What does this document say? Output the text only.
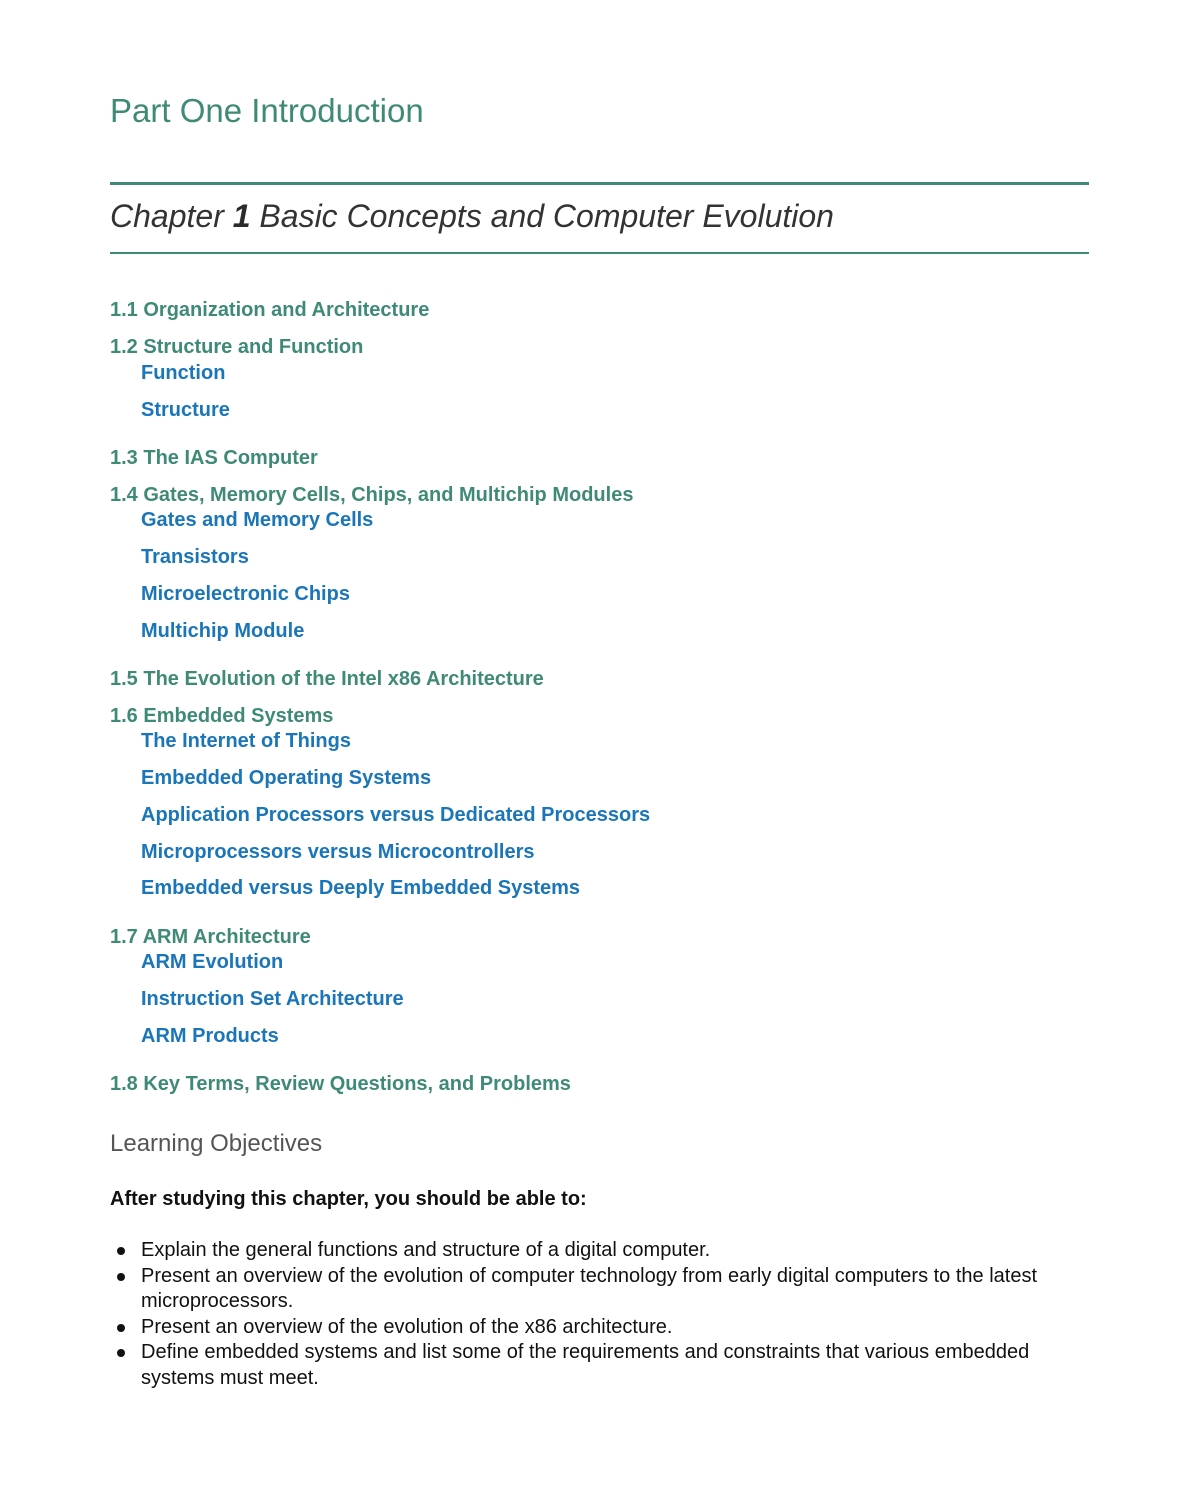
Part One Introduction
Chapter 1 Basic Concepts and Computer Evolution
1.1 Organization and Architecture
1.2 Structure and Function
Function
Structure
1.3 The IAS Computer
1.4 Gates, Memory Cells, Chips, and Multichip Modules
Gates and Memory Cells
Transistors
Microelectronic Chips
Multichip Module
1.5 The Evolution of the Intel x86 Architecture
1.6 Embedded Systems
The Internet of Things
Embedded Operating Systems
Application Processors versus Dedicated Processors
Microprocessors versus Microcontrollers
Embedded versus Deeply Embedded Systems
1.7 ARM Architecture
ARM Evolution
Instruction Set Architecture
ARM Products
1.8 Key Terms, Review Questions, and Problems
Learning Objectives

After studying this chapter, you should be able to:

Explain the general functions and structure of a digital computer.
Present an overview of the evolution of computer technology from early digital computers to the latest microprocessors.
Present an overview of the evolution of the x86 architecture.
Define embedded systems and list some of the requirements and constraints that various embedded systems must meet.
